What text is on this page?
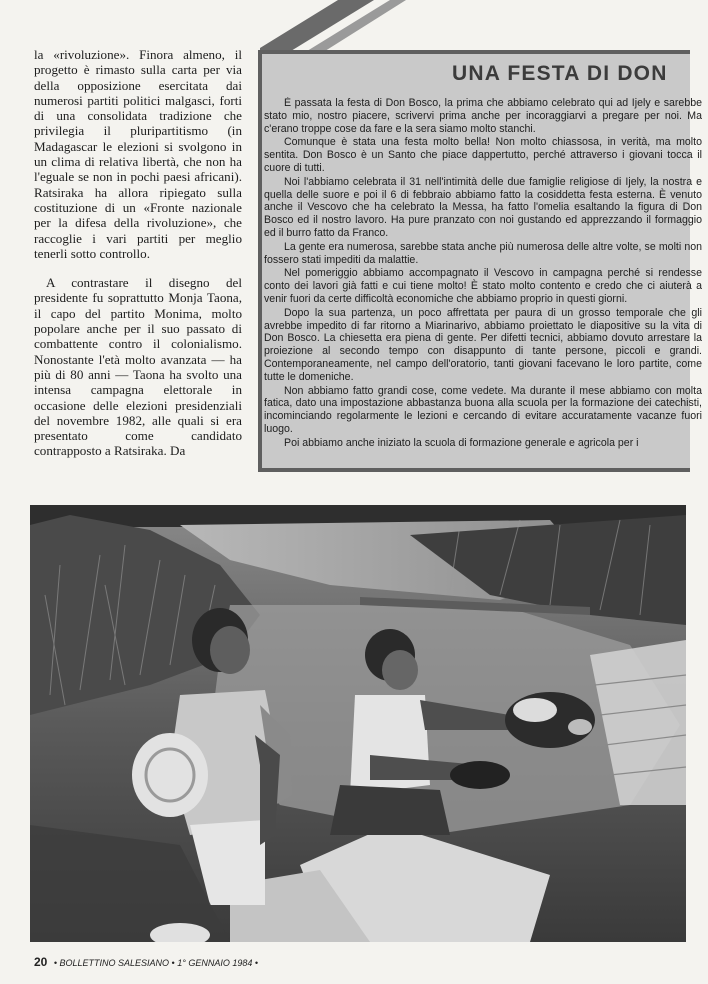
la «rivoluzione». Finora almeno, il progetto è rimasto sulla carta per via della opposizione esercitata dai numerosi partiti politici malgasci, forti di una consolidata tradizione che privilegia il pluripartitismo (in Madagascar le elezioni si svolgono in un clima di relativa libertà, che non ha l'eguale se non in pochi paesi africani). Ratsiraka ha allora ripiegato sulla costituzione di un «Fronte nazionale per la difesa della rivoluzione», che raccoglie i vari partiti per meglio tenerli sotto controllo.

A contrastare il disegno del presidente fu soprattutto Monja Taona, il capo del partito Monima, molto popolare anche per il suo passato di combattente contro il colonialismo. Nonostante l'età molto avanzata — ha più di 80 anni — Taona ha svolto una intensa campagna elettorale in occasione delle elezioni presidenziali del novembre 1982, alle quali si era presentato come candidato contrapposto a Ratsiraka. Da

UNA FESTA DI DON

È passata la festa di Don Bosco, la prima che abbiamo celebrato qui ad Ijely e sarebbe stato mio, nostro piacere, scrivervi prima anche per incoraggiarvi a pregare per noi. Ma c'erano troppe cose da fare e la sera siamo molto stanchi.

Comunque è stata una festa molto bella! Non molto chiassosa, in verità, ma molto sentita. Don Bosco è un Santo che piace dappertutto, perché attraverso i giovani tocca il cuore di tutti.

Noi l'abbiamo celebrata il 31 nell'intimità delle due famiglie religiose di Ijely, la nostra e quella delle suore e poi il 6 di febbraio abbiamo fatto la cosiddetta festa esterna. È venuto anche il Vescovo che ha celebrato la Messa, ha fatto l'omelia esaltando la figura di Don Bosco ed il nostro lavoro. Ha pure pranzato con noi gustando ed apprezzando il formaggio ed il burro fatto da Franco.

La gente era numerosa, sarebbe stata anche più numerosa delle altre volte, se molti non fossero stati impediti da malattie.

Nel pomeriggio abbiamo accompagnato il Vescovo in campagna perché si rendesse conto dei lavori già fatti e cui tiene molto! È stato molto contento e credo che ci aiuterà a venir fuori da certe difficoltà economiche che abbiamo proprio in questi giorni.

Dopo la sua partenza, un poco affrettata per paura di un grosso temporale che gli avrebbe impedito di far ritorno a Miarinarivo, abbiamo proiettato le diapositive su la vita di Don Bosco. La chiesetta era piena di gente. Per difetti tecnici, abbiamo dovuto arrestare la proiezione al secondo tempo con disappunto di tante persone, piccoli e grandi. Contemporaneamente, nel campo dell'oratorio, tanti giovani facevano le loro partite, come tutte le domeniche.

Non abbiamo fatto grandi cose, come vedete. Ma durante il mese abbiamo con molta fatica, dato una impostazione abbastanza buona alla scuola per la formazione dei catechisti, incominciando regolarmente le lezioni e cercando di evitare accuratamente vacanze fuori luogo.

Poi abbiamo anche iniziato la scuola di formazione generale e agricola per i

20 • BOLLETTINO SALESIANO • 1° GENNAIO 1984 •
